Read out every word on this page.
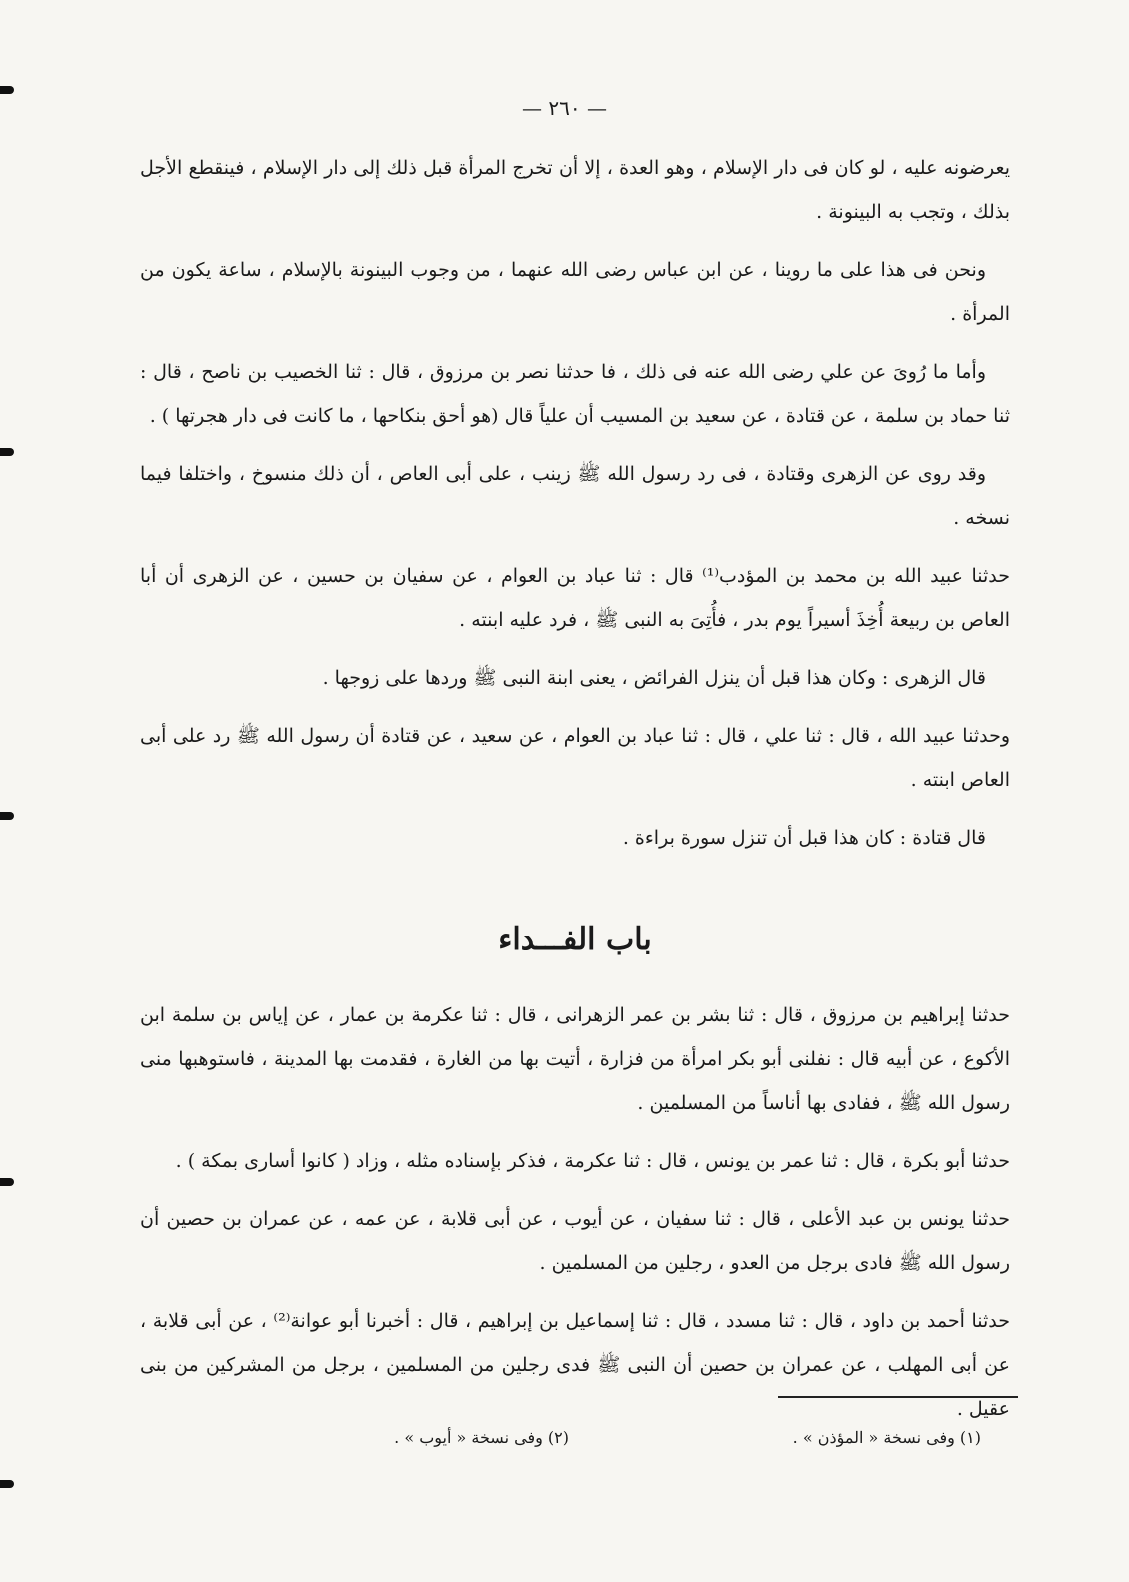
— ٢٦٠ —

يعرضونه عليه ، لو كان فى دار الإسلام ، وهو العدة ، إلا أن تخرج المرأة قبل ذلك إلى دار الإسلام ، فينقطع الأجل بذلك ، وتجب به البينونة .

ونحن فى هذا على ما روينا ، عن ابن عباس رضى الله عنهما ، من وجوب البينونة بالإسلام ، ساعة يكون من المرأة .

وأما ما رُوىَ عن علي رضى الله عنه فى ذلك ، فا حدثنا نصر بن مرزوق ، قال : ثنا الخصيب بن ناصح ، قال : ثنا حماد بن سلمة ، عن قتادة ، عن سعيد بن المسيب أن علياً قال (هو أحق بنكاحها ، ما كانت فى دار هجرتها ) .

وقد روى عن الزهرى وقتادة ، فى رد رسول الله ﷺ زينب ، على أبى العاص ، أن ذلك منسوخ ، واختلفا فيما نسخه .

حدثنا عبيد الله بن محمد بن المؤدب⁽¹⁾ قال : ثنا عباد بن العوام ، عن سفيان بن حسين ، عن الزهرى أن أبا العاص بن ربيعة أُخِذَ أسيراً يوم بدر ، فأُتِىَ به النبى ﷺ ، فرد عليه ابنته .

قال الزهرى : وكان هذا قبل أن ينزل الفرائض ، يعنى ابنة النبى ﷺ وردها على زوجها .

وحدثنا عبيد الله ، قال : ثنا علي ، قال : ثنا عباد بن العوام ، عن سعيد ، عن قتادة أن رسول الله ﷺ رد على أبى العاص ابنته .

قال قتادة : كان هذا قبل أن تنزل سورة براءة .

باب الفـــداء

حدثنا إبراهيم بن مرزوق ، قال : ثنا بشر بن عمر الزهرانى ، قال : ثنا عكرمة بن عمار ، عن إياس بن سلمة ابن الأكوع ، عن أبيه قال : نفلنى أبو بكر امرأة من فزارة ، أتيت بها من الغارة ، فقدمت بها المدينة ، فاستوهبها منى رسول الله ﷺ ، ففادى بها أناساً من المسلمين .

حدثنا أبو بكرة ، قال : ثنا عمر بن يونس ، قال : ثنا عكرمة ، فذكر بإسناده مثله ، وزاد ( كانوا أسارى بمكة ) .

حدثنا يونس بن عبد الأعلى ، قال : ثنا سفيان ، عن أيوب ، عن أبى قلابة ، عن عمه ، عن عمران بن حصين أن رسول الله ﷺ فادى برجل من العدو ، رجلين من المسلمين .

حدثنا أحمد بن داود ، قال : ثنا مسدد ، قال : ثنا إسماعيل بن إبراهيم ، قال : أخبرنا أبو عوانة⁽²⁾ ، عن أبى قلابة ، عن أبى المهلب ، عن عمران بن حصين أن النبى ﷺ فدى رجلين من المسلمين ، برجل من المشركين من بنى عقيل .

(١) وفى نسخة « المؤذن » .
(٢) وفى نسخة « أيوب » .
